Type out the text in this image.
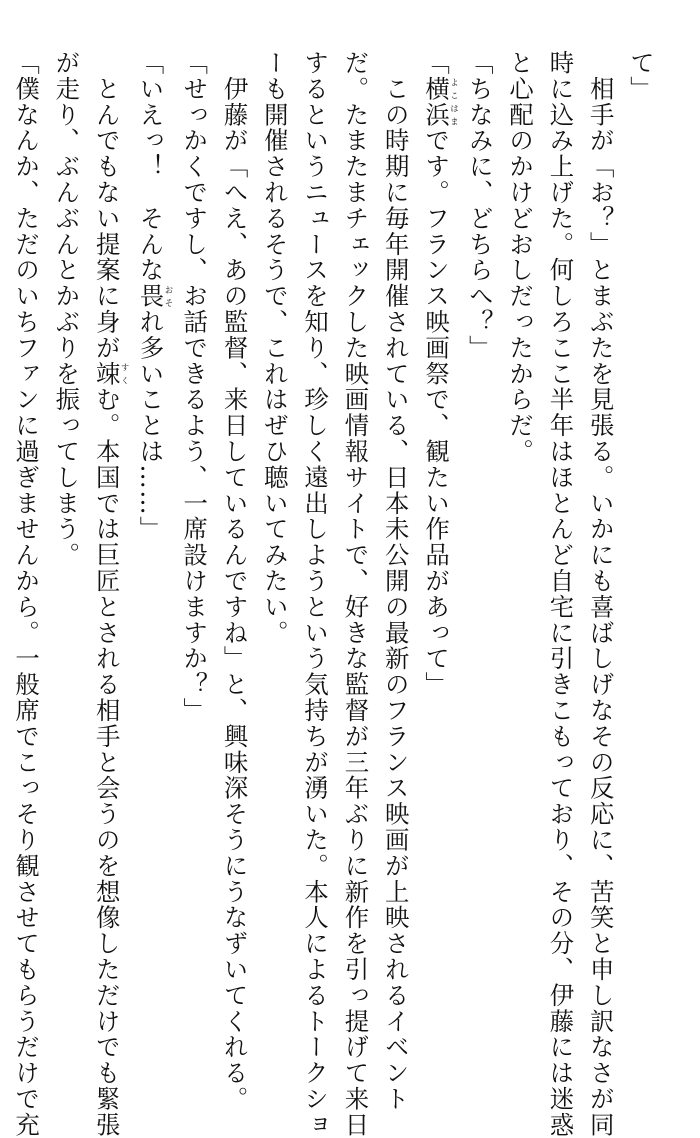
て」
　相手が「お？」とまぶたを見張る。いかにも喜ばしげなその反応に、苦笑と申し訳なさが同
時に込み上げた。何しろここ半年はほとんど自宅に引きこもっており、その分、伊藤には迷惑
と心配のかけどおしだったからだ。
「ちなみに、どちらへ？」
「横浜よこはまです。フランス映画祭で、観たい作品があって」
　この時期に毎年開催されている、日本未公開の最新のフランス映画が上映されるイベント
だ。たまたまチェックした映画情報サイトで、好きな監督が三年ぶりに新作を引っ提げて来日
するというニュースを知り、珍しく遠出しようという気持ちが湧いた。本人によるトークショ
ーも開催されるそうで、これはぜひ聴いてみたい。
　伊藤が「へえ、あの監督、来日しているんですね」と、興味深そうにうなずいてくれる。
「せっかくですし、お話できるよう、一席設けますか？」
「いえっ！　そんな畏おそれ多いことは……」
　とんでもない提案に身が竦すくむ。本国では巨匠とされる相手と会うのを想像しただけでも緊張
が走り、ぶんぶんとかぶりを振ってしまう。
「僕なんか、ただのいちファンに過ぎませんから。一般席でこっそり観させてもらうだけで充
